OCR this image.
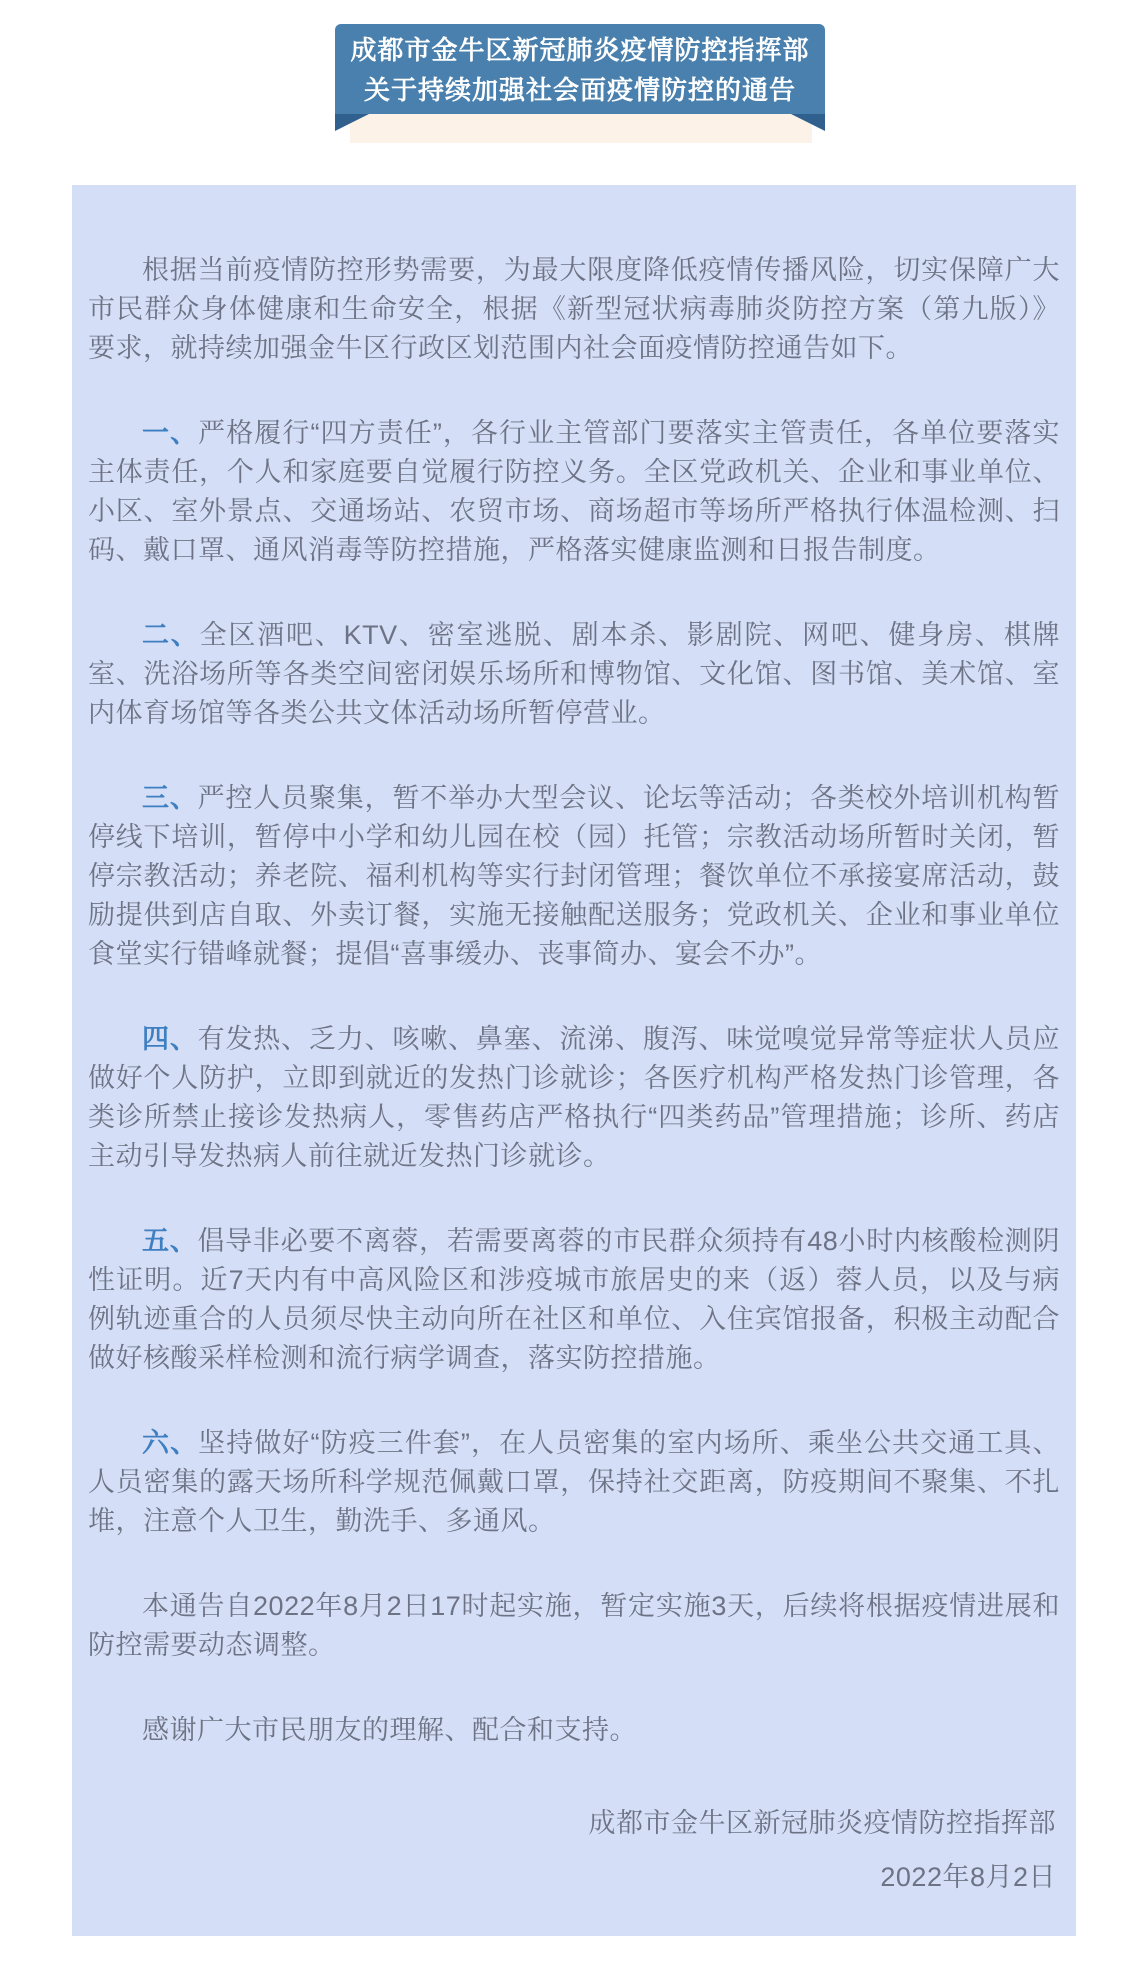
成都市金牛区新冠肺炎疫情防控指挥部
关于持续加强社会面疫情防控的通告

根据当前疫情防控形势需要，为最大限度降低疫情传播风险，切实保障广大市民群众身体健康和生命安全，根据《新型冠状病毒肺炎防控方案（第九版）》要求，就持续加强金牛区行政区划范围内社会面疫情防控通告如下。

一、严格履行“四方责任”，各行业主管部门要落实主管责任，各单位要落实主体责任，个人和家庭要自觉履行防控义务。全区党政机关、企业和事业单位、小区、室外景点、交通场站、农贸市场、商场超市等场所严格执行体温检测、扫码、戴口罩、通风消毒等防控措施，严格落实健康监测和日报告制度。

二、全区酒吧、KTV、密室逃脱、剧本杀、影剧院、网吧、健身房、棋牌室、洗浴场所等各类空间密闭娱乐场所和博物馆、文化馆、图书馆、美术馆、室内体育场馆等各类公共文体活动场所暂停营业。

三、严控人员聚集，暂不举办大型会议、论坛等活动；各类校外培训机构暂停线下培训，暂停中小学和幼儿园在校（园）托管；宗教活动场所暂时关闭，暂停宗教活动；养老院、福利机构等实行封闭管理；餐饮单位不承接宴席活动，鼓励提供到店自取、外卖订餐，实施无接触配送服务；党政机关、企业和事业单位食堂实行错峰就餐；提倡“喜事缓办、丧事简办、宴会不办”。

四、有发热、乏力、咳嗽、鼻塞、流涕、腹泻、味觉嗅觉异常等症状人员应做好个人防护，立即到就近的发热门诊就诊；各医疗机构严格发热门诊管理，各类诊所禁止接诊发热病人，零售药店严格执行“四类药品”管理措施；诊所、药店主动引导发热病人前往就近发热门诊就诊。

五、倡导非必要不离蓉，若需要离蓉的市民群众须持有48小时内核酸检测阴性证明。近7天内有中高风险区和涉疫城市旅居史的来（返）蓉人员，以及与病例轨迹重合的人员须尽快主动向所在社区和单位、入住宾馆报备，积极主动配合做好核酸采样检测和流行病学调查，落实防控措施。

六、坚持做好“防疫三件套”，在人员密集的室内场所、乘坐公共交通工具、人员密集的露天场所科学规范佩戴口罩，保持社交距离，防疫期间不聚集、不扎堆，注意个人卫生，勤洗手、多通风。

本通告自2022年8月2日17时起实施，暂定实施3天，后续将根据疫情进展和防控需要动态调整。

感谢广大市民朋友的理解、配合和支持。

成都市金牛区新冠肺炎疫情防控指挥部
2022年8月2日
